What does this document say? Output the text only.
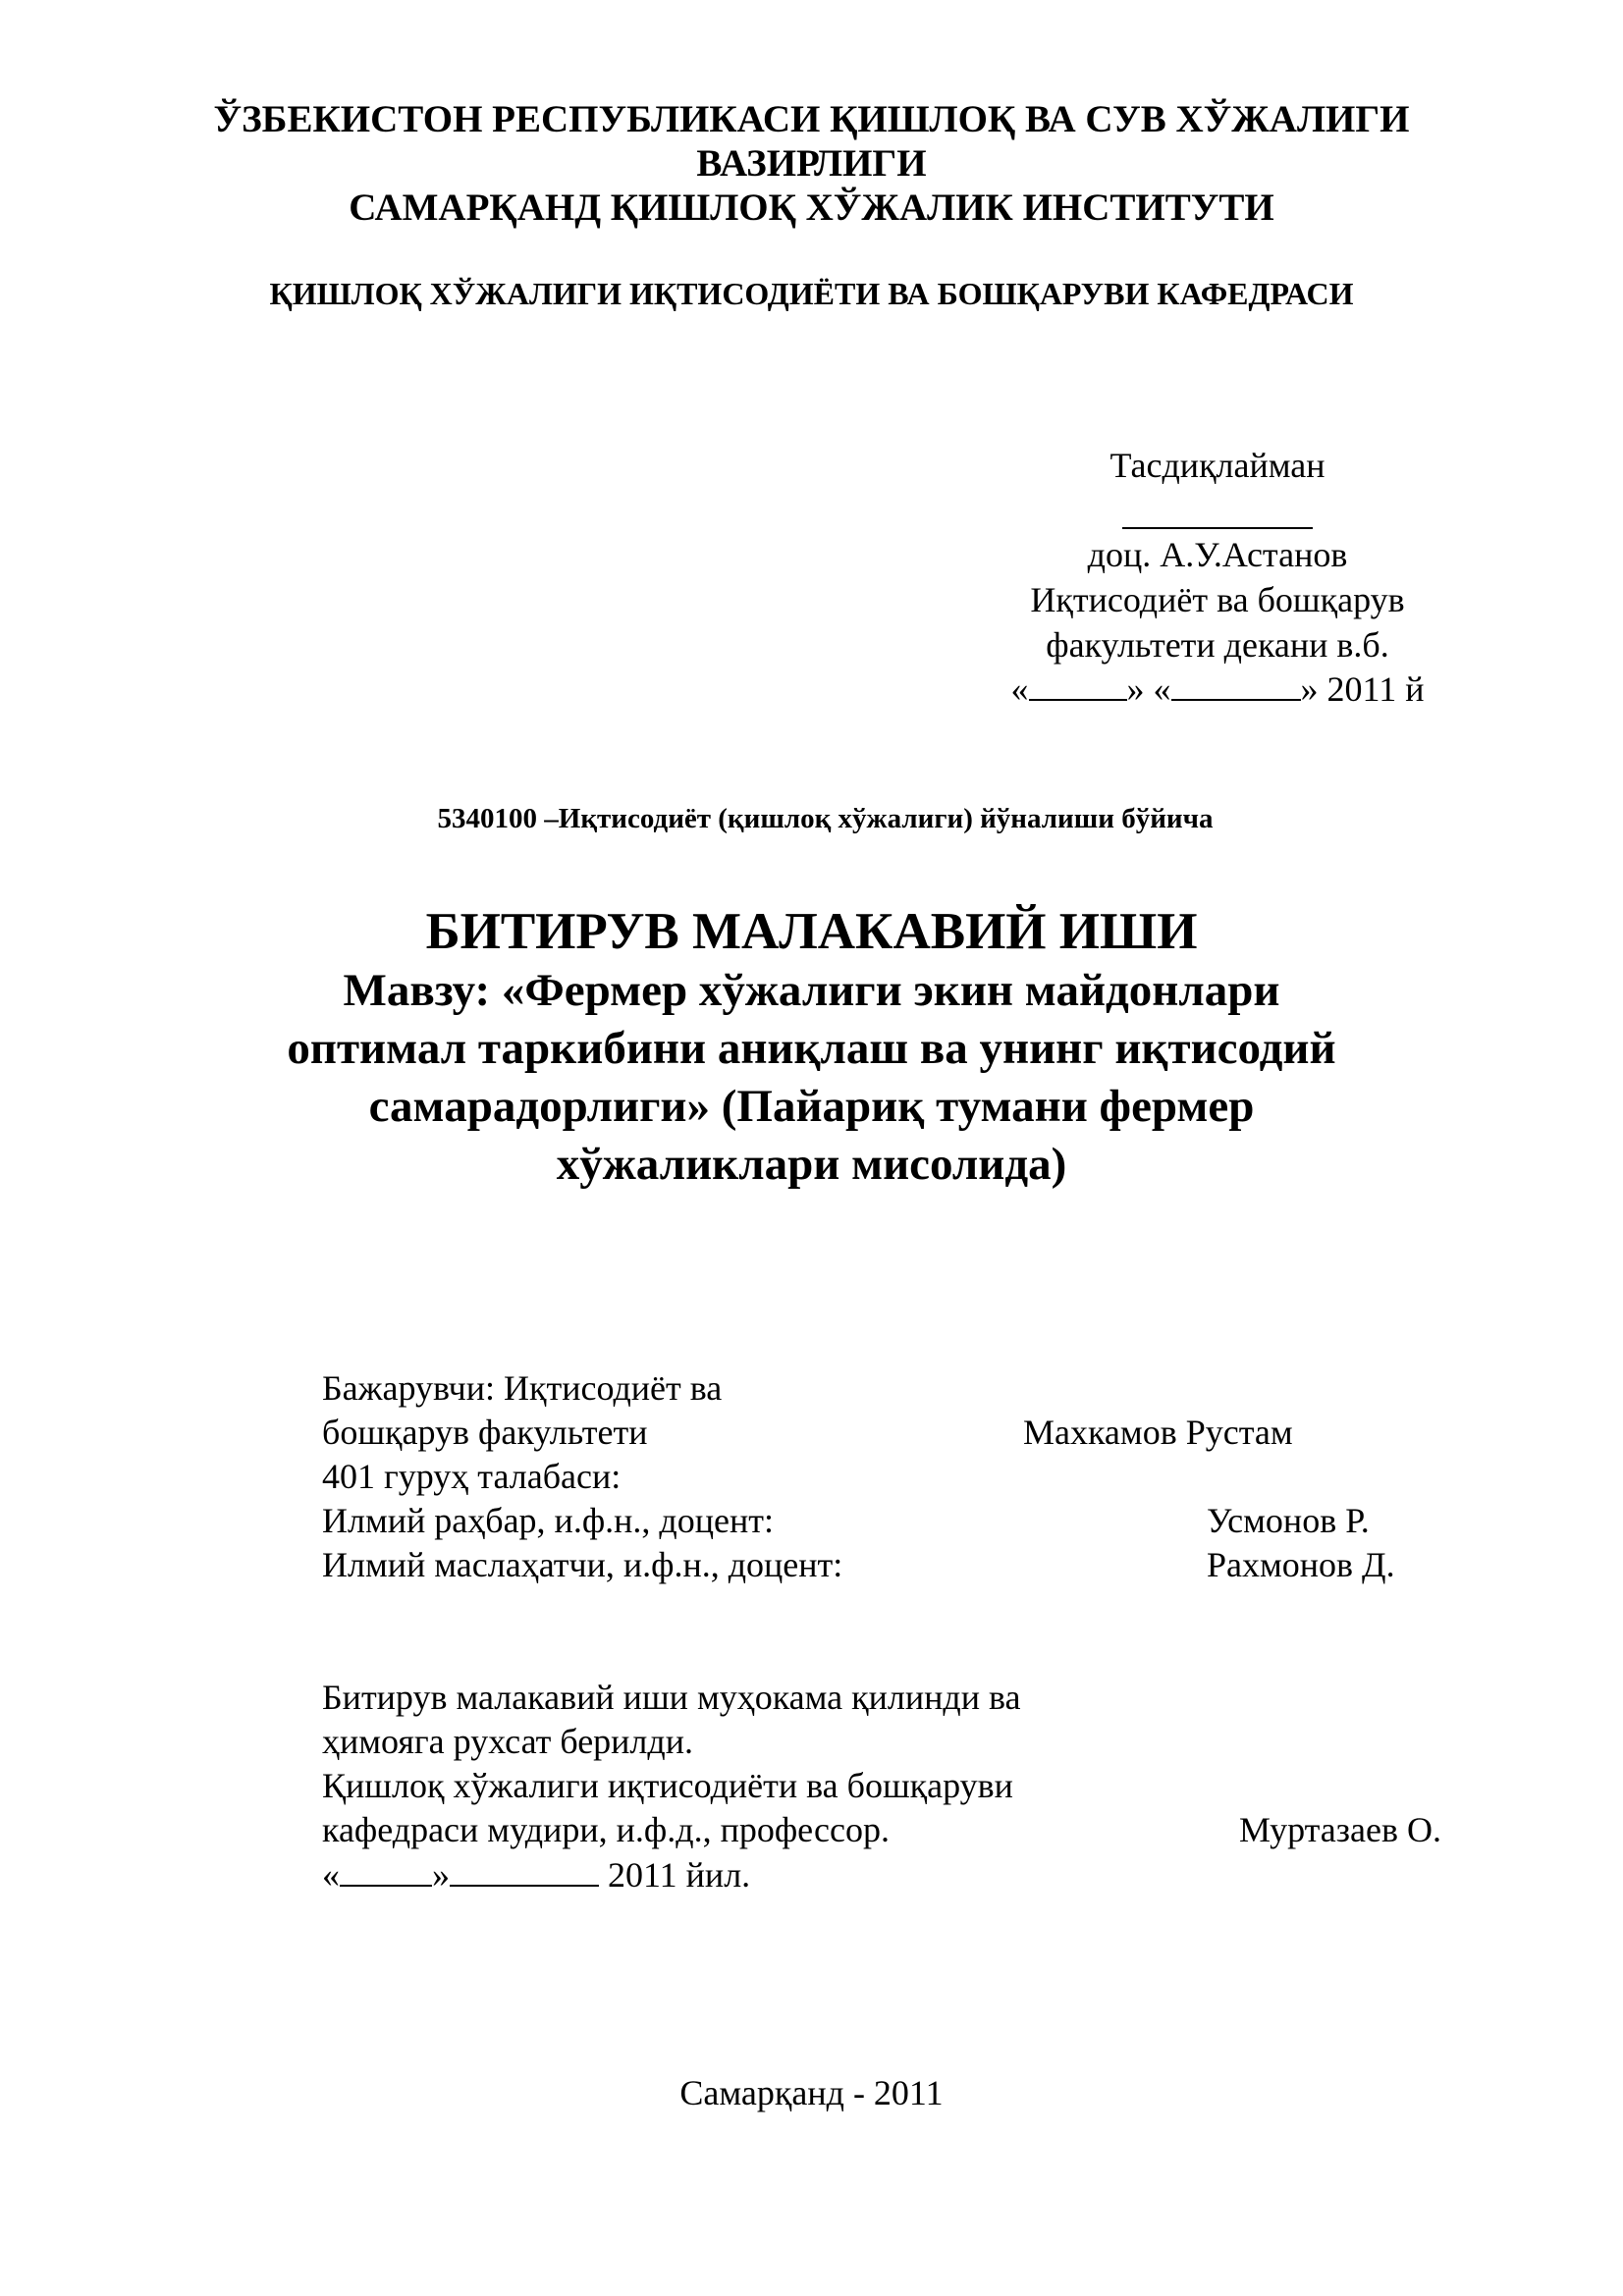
ЎЗБЕКИСТОН РЕСПУБЛИКАСИ ҚИШЛОҚ ВА СУВ ХЎЖАЛИГИ
ВАЗИРЛИГИ
САМАРҚАНД ҚИШЛОҚ ХЎЖАЛИК ИНСТИТУТИ
ҚИШЛОҚ ХЎЖАЛИГИ ИҚТИСОДИЁТИ ВА БОШҚАРУВИ КАФЕДРАСИ
Тасдиқлайман
доц. А.У.Астанов
Иқтисодиёт ва бошқарув
факультети декани в.б.
«	» «	» 2011 й
5340100 –Иқтисодиёт (қишлоқ хўжалиги) йўналиши бўйича
БИТИРУВ МАЛАКАВИЙ ИШИ
Мавзу: «Фермер хўжалиги экин майдонлари
оптимал таркибини аниқлаш ва унинг иқтисодий
самарадорлиги» (Пайариқ тумани фермер
хўжаликлари мисолида)
Бажарувчи: Иқтисодиёт ва
бошқарув факультети	Махкамов Рустам
401 гуруҳ талабаси:
Илмий раҳбар, и.ф.н., доцент:	Усмонов Р.
Илмий маслаҳатчи, и.ф.н., доцент:	Рахмонов Д.
Битирув малакавий иши муҳокама қилинди ва
ҳимояга рухсат берилди.
Қишлоқ хўжалиги иқтисодиёти ва бошқаруви
кафедраси мудири, и.ф.д., профессор.	Муртазаев О.
«	»	2011 йил.
Самарқанд - 2011
